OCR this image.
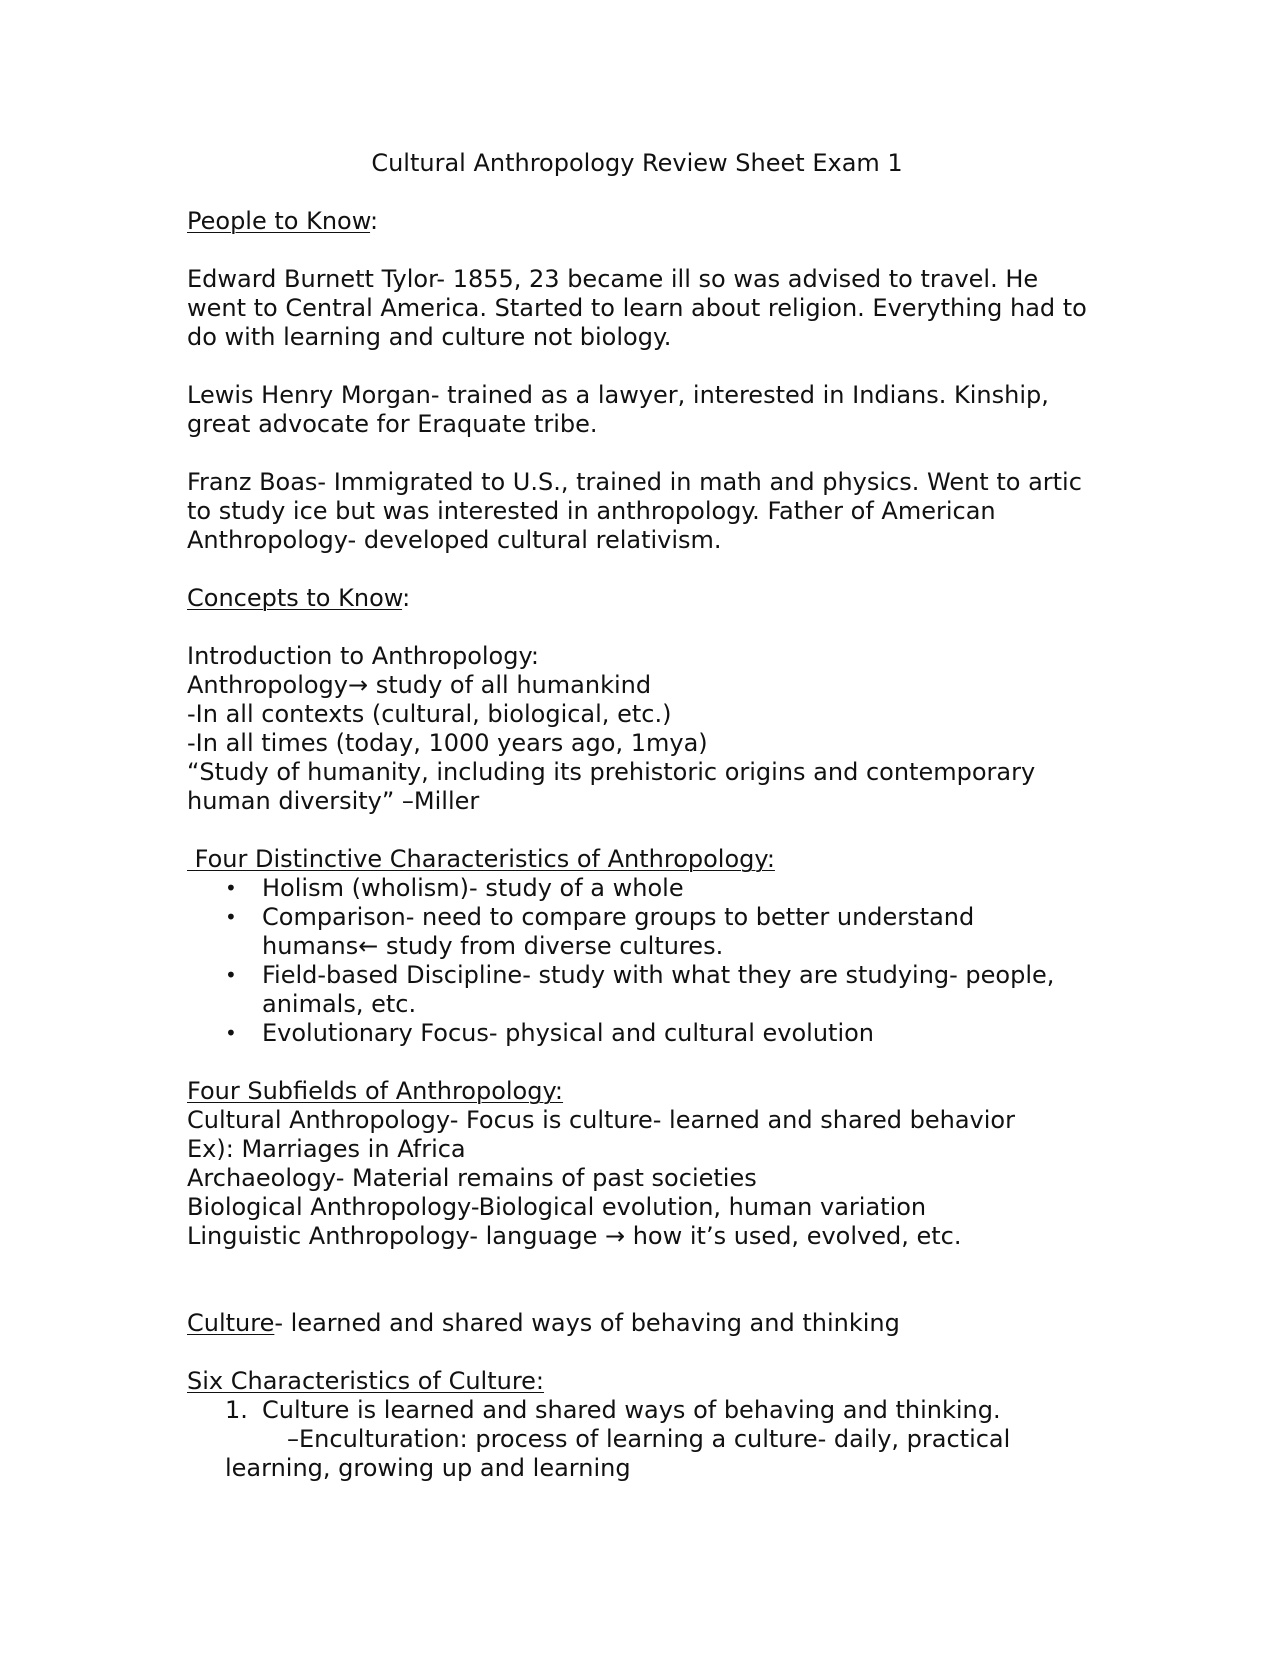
Cultural Anthropology Review Sheet Exam 1

People to Know:

Edward Burnett Tylor- 1855, 23 became ill so was advised to travel. He went to Central America. Started to learn about religion. Everything had to do with learning and culture not biology.

Lewis Henry Morgan- trained as a lawyer, interested in Indians. Kinship, great advocate for Eraquate tribe.

Franz Boas- Immigrated to U.S., trained in math and physics. Went to artic to study ice but was interested in anthropology. Father of American Anthropology- developed cultural relativism.

Concepts to Know:

Introduction to Anthropology:

Anthropology→ study of all humankind

-In all contexts (cultural, biological, etc.)

-In all times (today, 1000 years ago, 1mya)

“Study of humanity, including its prehistoric origins and contemporary human diversity” –Miller

Four Distinctive Characteristics of Anthropology:

• Holism (wholism)- study of a whole
• Comparison- need to compare groups to better understand humans← study from diverse cultures.
• Field-based Discipline- study with what they are studying- people, animals, etc.
• Evolutionary Focus- physical and cultural evolution

Four Subfields of Anthropology:

Cultural Anthropology- Focus is culture- learned and shared behavior

Ex): Marriages in Africa

Archaeology- Material remains of past societies

Biological Anthropology-Biological evolution, human variation

Linguistic Anthropology- language → how it’s used, evolved, etc.

Culture- learned and shared ways of behaving and thinking

Six Characteristics of Culture:

1. Culture is learned and shared ways of behaving and thinking.
–Enculturation: process of learning a culture- daily, practical
learning, growing up and learning
